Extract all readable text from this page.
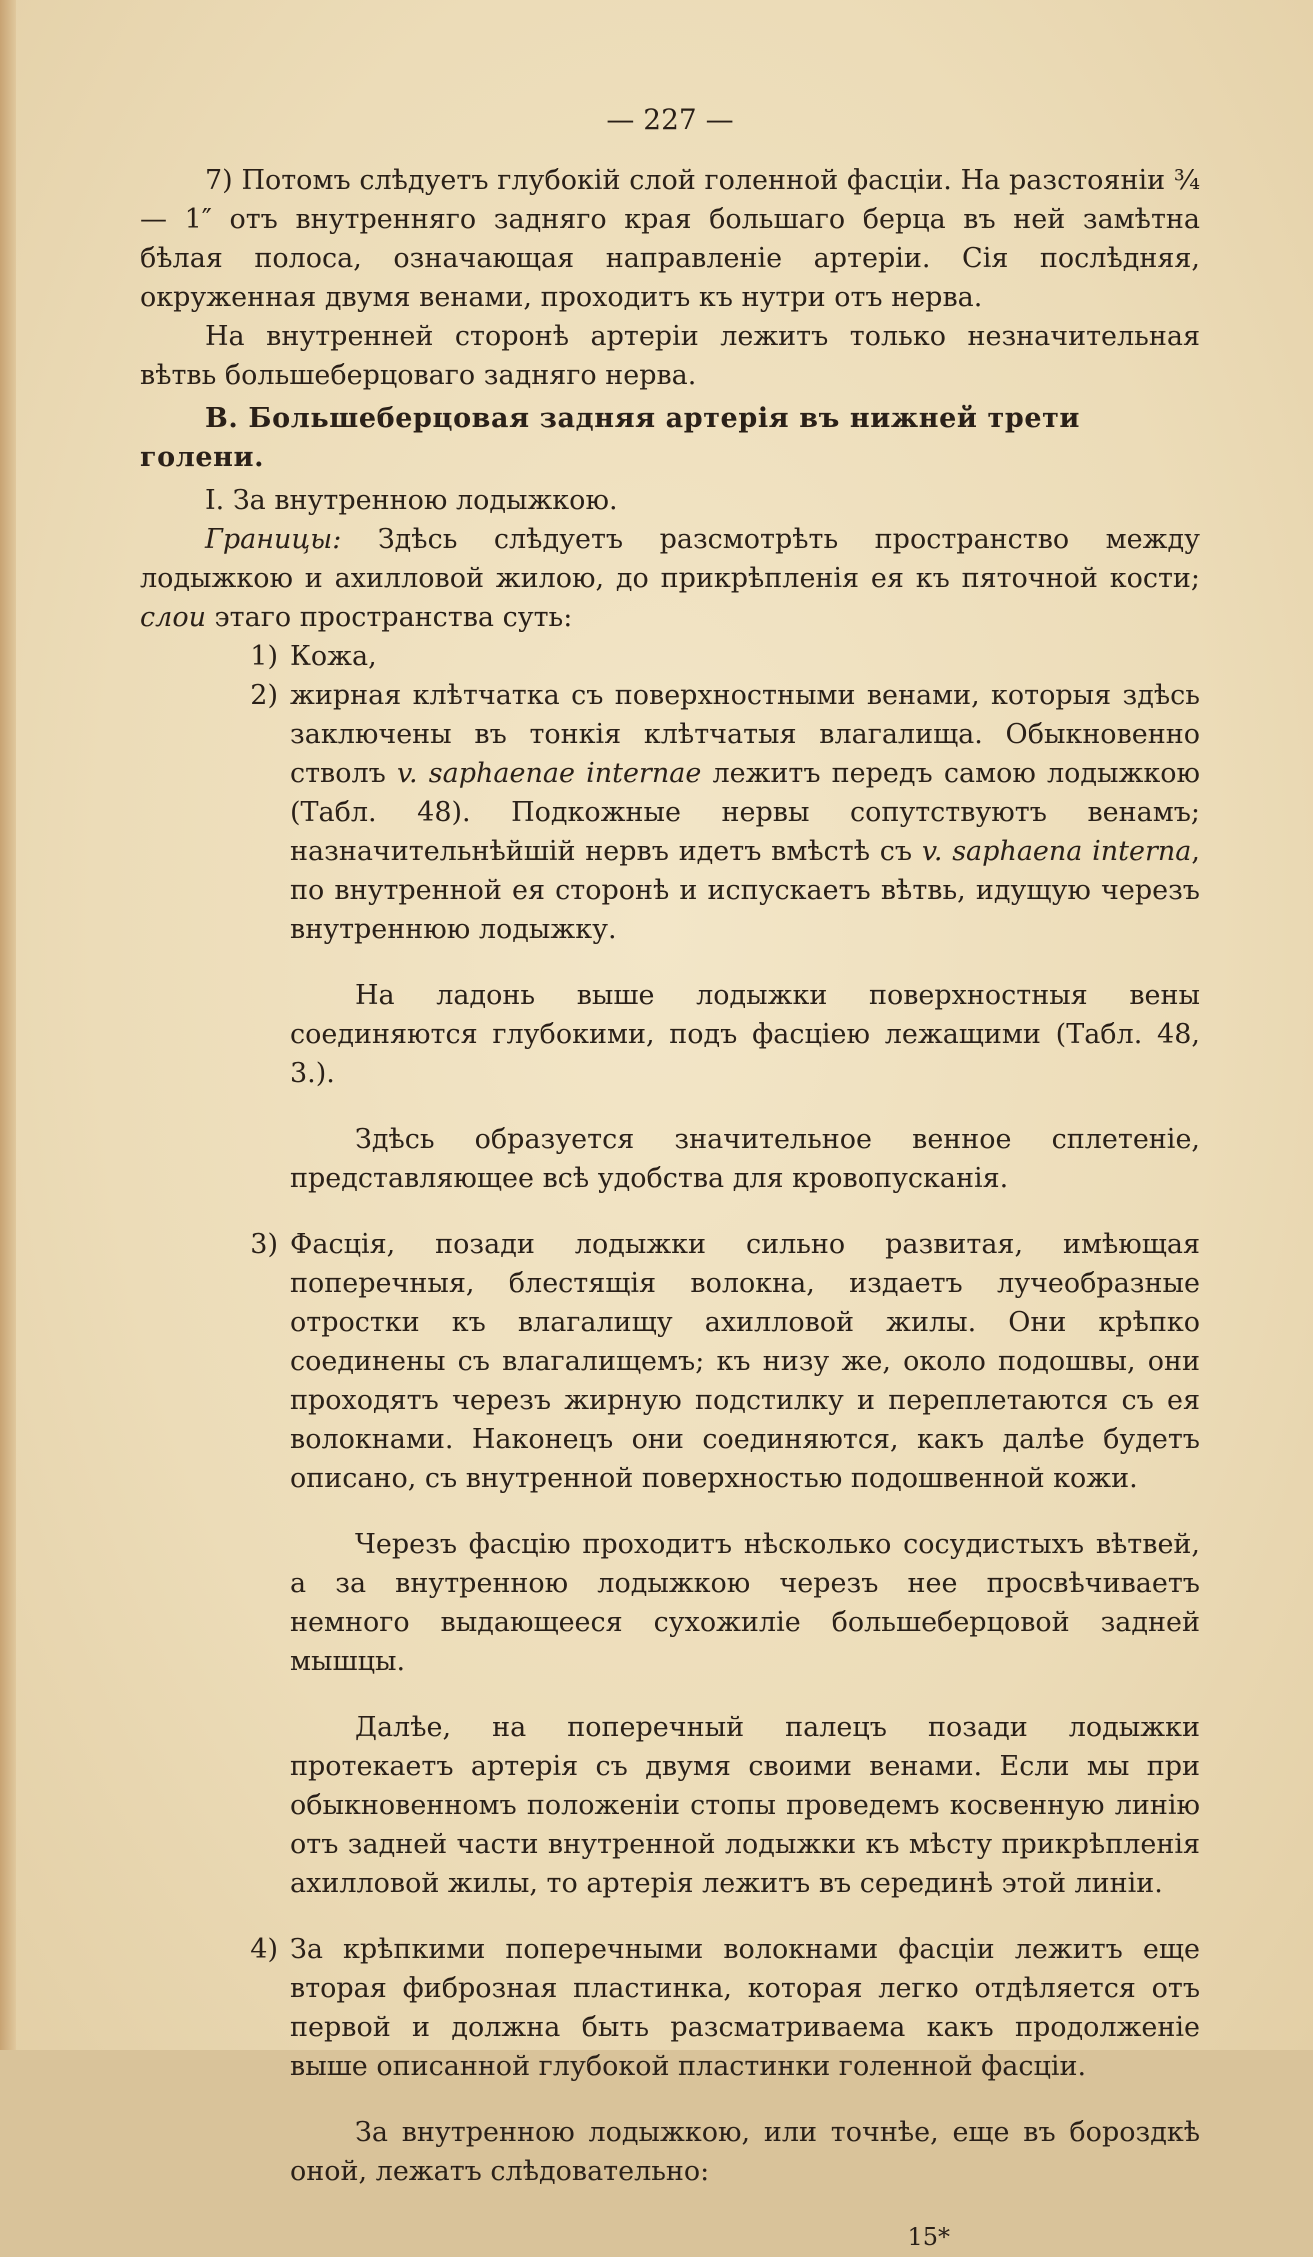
— 227 —

7) Потомъ слѣдуетъ глубокій слой голенной фасціи. На разстояніи ¾ — 1″ отъ внутренняго задняго края большаго берца въ ней замѣтна бѣлая полоса, означающая направленіе артеріи. Сія послѣдняя, окруженная двумя венами, проходитъ къ нутри отъ нерва.

На внутренней сторонѣ артеріи лежитъ только незначительная вѣтвь большеберцоваго задняго нерва.

B. Большеберцовая задняя артерія въ нижней трети голени.

I. За внутренною лодыжкою.

Границы: Здѣсь слѣдуетъ разсмотрѣть пространство между лодыжкою и ахилловой жилою, до прикрѣпленія ея къ пяточной кости; слои этаго пространства суть:

1) Кожа,
2) жирная клѣтчатка съ поверхностными венами, которыя здѣсь заключены въ тонкія клѣтчатыя влагалища. Обыкновенно стволъ v. saphaenae internae лежитъ передъ самою лодыжкою (Табл. 48). Подкожные нервы сопутствуютъ венамъ; назначительнѣйшій нервъ идетъ вмѣстѣ съ v. saphaena interna, по внутренной ея сторонѣ и испускаетъ вѣтвь, идущую черезъ внутреннюю лодыжку.

На ладонь выше лодыжки поверхностныя вены соединяются глубокими, подъ фасціею лежащими (Табл. 48, 3.).

Здѣсь образуется значительное венное сплетеніе, представляющее всѣ удобства для кровопусканія.

3) Фасція, позади лодыжки сильно развитая, имѣющая поперечныя, блестящія волокна, издаетъ лучеобразные отростки къ влагалищу ахилловой жилы. Они крѣпко соединены съ влагалищемъ; къ низу же, около подошвы, они проходятъ черезъ жирную подстилку и переплетаются съ ея волокнами. Наконецъ они соединяются, какъ далѣе будетъ описано, съ внутренной поверхностью подошвенной кожи.

Черезъ фасцію проходитъ нѣсколько сосудистыхъ вѣтвей, а за внутренною лодыжкою черезъ нее просвѣчиваетъ немного выдающееся сухожиліе большеберцовой задней мышцы.

Далѣе, на поперечный палецъ позади лодыжки протекаетъ артерія съ двумя своими венами. Если мы при обыкновенномъ положеніи стопы проведемъ косвенную линію отъ задней части внутренной лодыжки къ мѣсту прикрѣпленія ахилловой жилы, то артерія лежитъ въ серединѣ этой линіи.

4) За крѣпкими поперечными волокнами фасціи лежитъ еще вторая фиброзная пластинка, которая легко отдѣляется отъ первой и должна быть разсматриваема какъ продолженіе выше описанной глубокой пластинки голенной фасціи.

За внутренною лодыжкою, или точнѣе, еще въ бороздкѣ оной, лежатъ слѣдовательно:

15*
